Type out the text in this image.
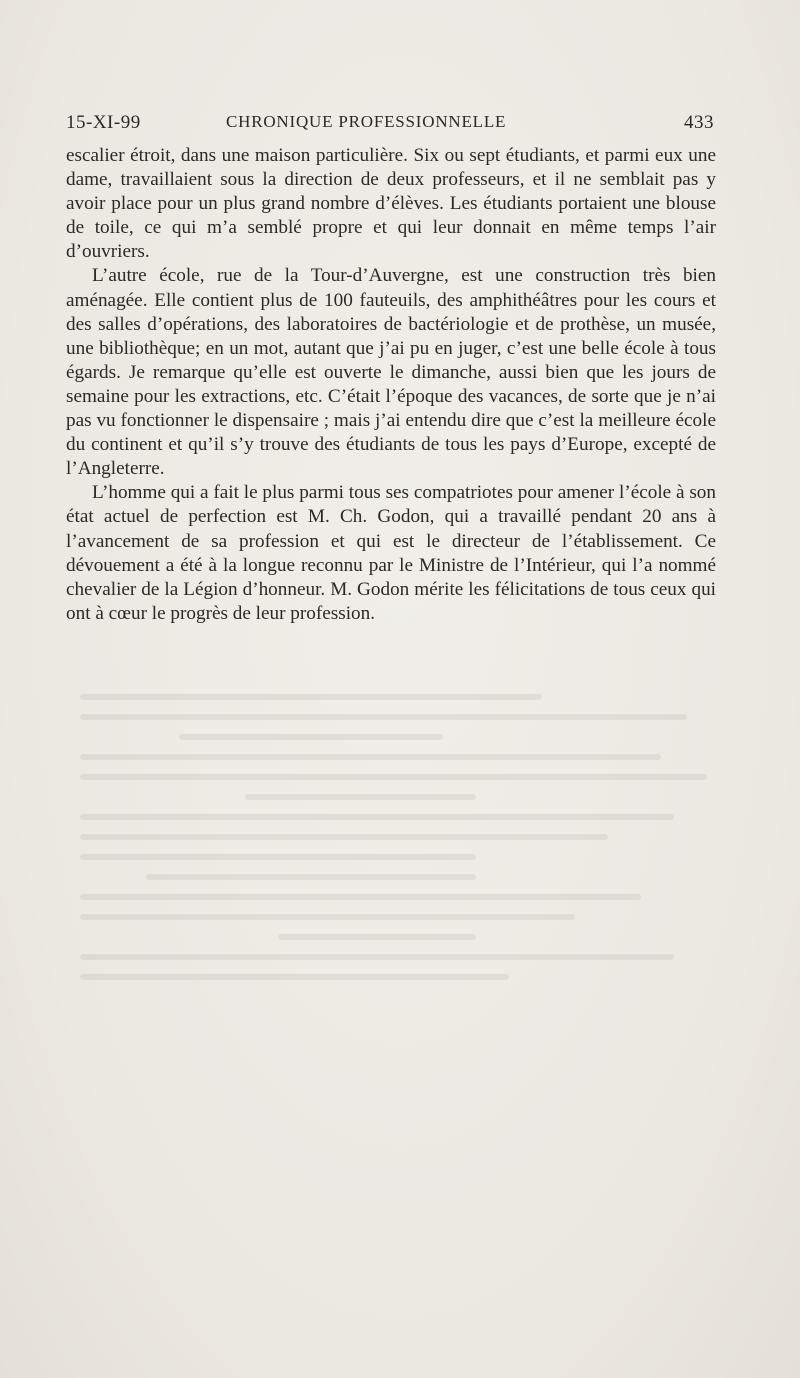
15-XI-99	CHRONIQUE PROFESSIONNELLE	433

escalier étroit, dans une maison particulière. Six ou sept étudiants, et parmi eux une dame, travaillaient sous la direction de deux professeurs, et il ne semblait pas y avoir place pour un plus grand nombre d’élèves. Les étudiants portaient une blouse de toile, ce qui m’a semblé propre et qui leur donnait en même temps l’air d’ouvriers.

L’autre école, rue de la Tour-d’Auvergne, est une construction très bien aménagée. Elle contient plus de 100 fauteuils, des amphithéâtres pour les cours et des salles d’opérations, des laboratoires de bactériologie et de prothèse, un musée, une bibliothèque; en un mot, autant que j’ai pu en juger, c’est une belle école à tous égards. Je remarque qu’elle est ouverte le dimanche, aussi bien que les jours de semaine pour les extractions, etc. C’était l’époque des vacances, de sorte que je n’ai pas vu fonctionner le dispensaire ; mais j’ai entendu dire que c’est la meilleure école du continent et qu’il s’y trouve des étudiants de tous les pays d’Europe, excepté de l’Angleterre.

L’homme qui a fait le plus parmi tous ses compatriotes pour amener l’école à son état actuel de perfection est M. Ch. Godon, qui a travaillé pendant 20 ans à l’avancement de sa profession et qui est le directeur de l’établissement. Ce dévouement a été à la longue reconnu par le Ministre de l’Intérieur, qui l’a nommé chevalier de la Légion d’honneur. M. Godon mérite les félicitations de tous ceux qui ont à cœur le progrès de leur profession.
